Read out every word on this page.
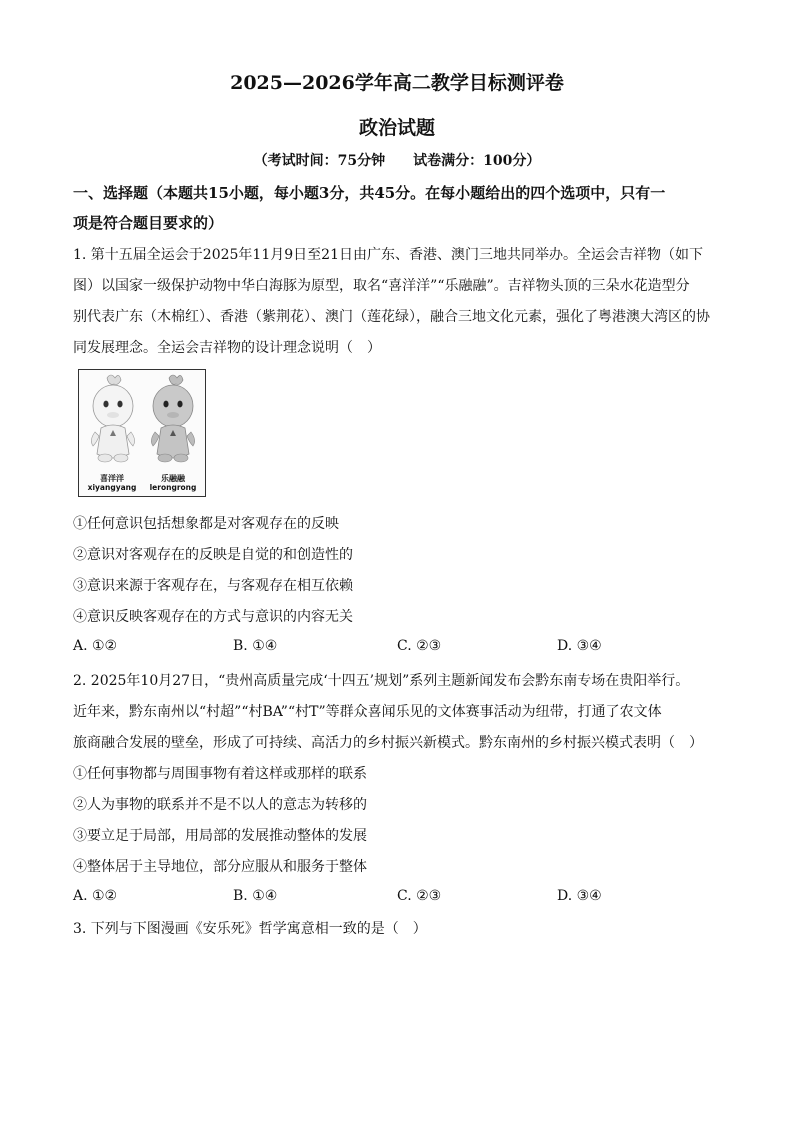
2025—2026学年高二教学目标测评卷
政治试题
（考试时间：75分钟 试卷满分：100分）
一、选择题（本题共15小题，每小题3分，共45分。在每小题给出的四个选项中，只有一
项是符合题目要求的）
1. 第十五届全运会于2025年11月9日至21日由广东、香港、澳门三地共同举办。全运会吉祥物（如下
图）以国家一级保护动物中华白海豚为原型，取名“喜洋洋”“乐融融”。吉祥物头顶的三朵水花造型分
别代表广东（木棉红）、香港（紫荆花）、澳门（莲花绿），融合三地文化元素，强化了粤港澳大湾区的协
同发展理念。全运会吉祥物的设计理念说明（　）
喜洋洋	乐融融
xiyangyang	lerongrong
①任何意识包括想象都是对客观存在的反映
②意识对客观存在的反映是自觉的和创造性的
③意识来源于客观存在，与客观存在相互依赖
④意识反映客观存在的方式与意识的内容无关
A. ①②	B. ①④	C. ②③	D. ③④
2. 2025年10月27日，“贵州高质量完成‘十四五’规划”系列主题新闻发布会黔东南专场在贵阳举行。
近年来，黔东南州以“村超”“村BA”“村T”等群众喜闻乐见的文体赛事活动为纽带，打通了农文体
旅商融合发展的壁垒，形成了可持续、高活力的乡村振兴新模式。黔东南州的乡村振兴模式表明（　）
①任何事物都与周围事物有着这样或那样的联系
②人为事物的联系并不是不以人的意志为转移的
③要立足于局部，用局部的发展推动整体的发展
④整体居于主导地位，部分应服从和服务于整体
A. ①②	B. ①④	C. ②③	D. ③④
3. 下列与下图漫画《安乐死》哲学寓意相一致的是（　）
